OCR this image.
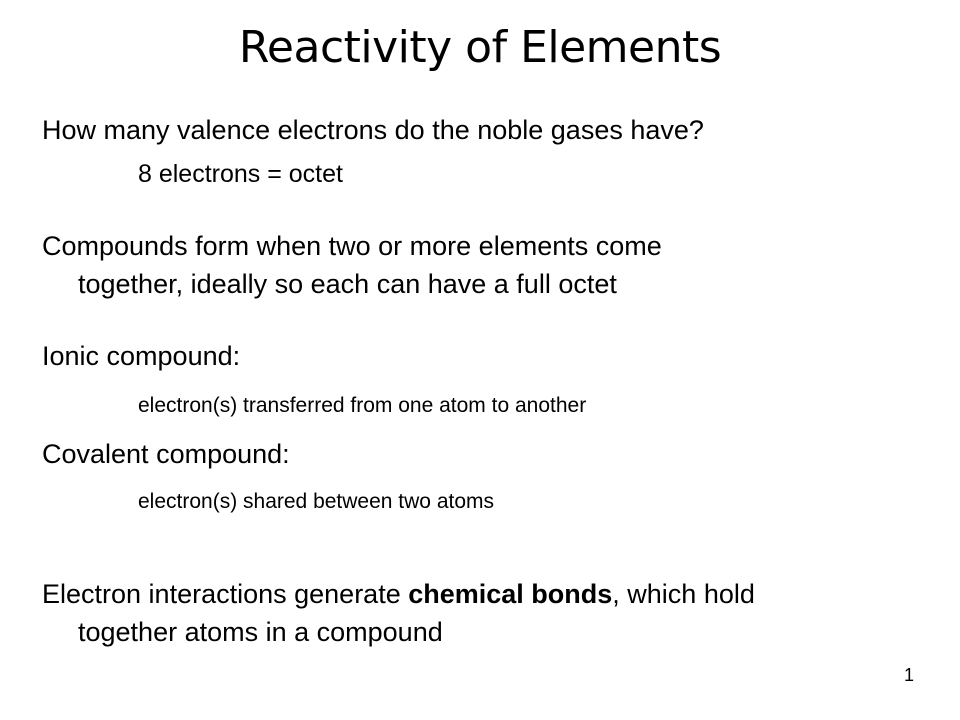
Reactivity of Elements
How many valence electrons do the noble gases have?
8 electrons = octet
Compounds form when two or more elements come
together, ideally so each can have a full octet
Ionic compound:
electron(s) transferred from one atom to another
Covalent compound:
electron(s) shared between two atoms
Electron interactions generate chemical bonds, which hold
together atoms in a compound
1
